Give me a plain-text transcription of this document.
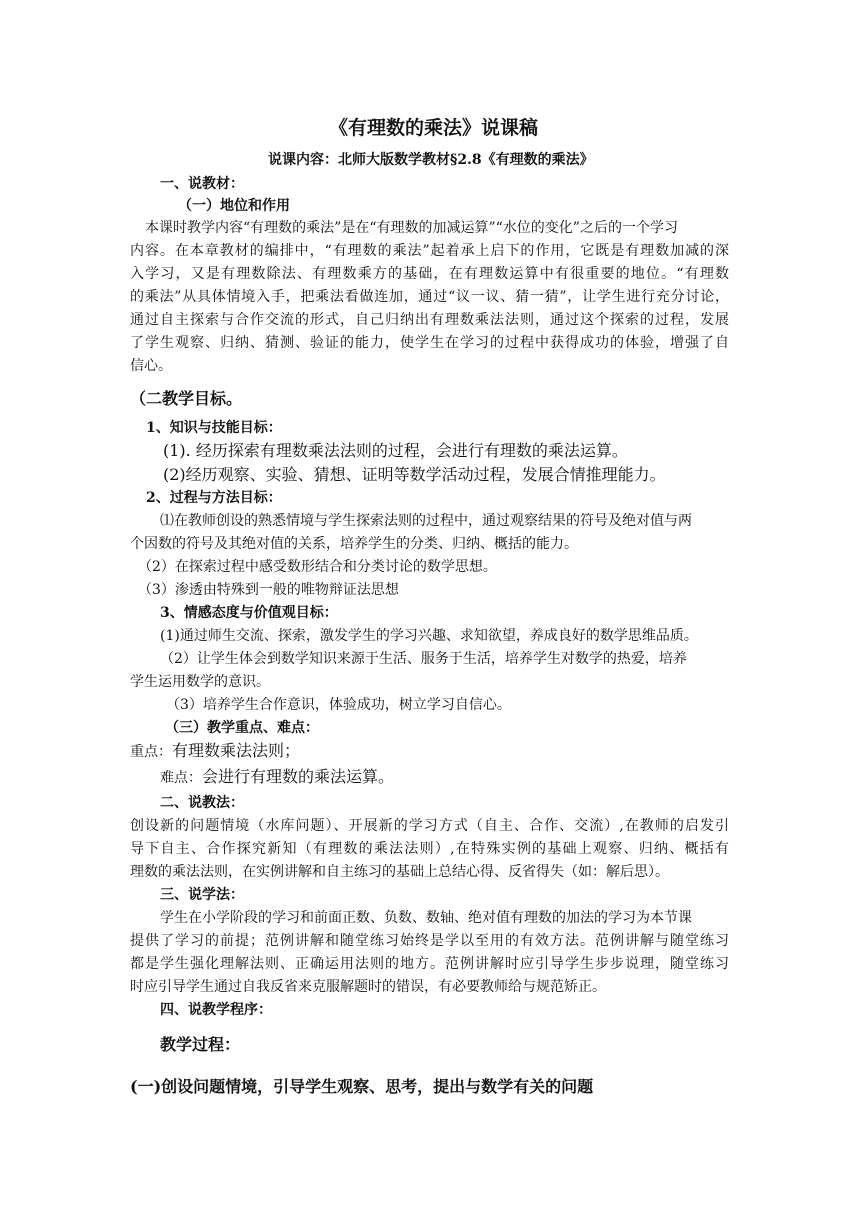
《有理数的乘法》说课稿
说课内容：北师大版数学教材§2.8《有理数的乘法》
一、说教材：
（一）地位和作用
本课时教学内容“有理数的乘法”是在“有理数的加减运算”“水位的变化”之后的一个学习
内容。在本章教材的编排中，“有理数的乘法”起着承上启下的作用，它既是有理数加减的深
入学习，又是有理数除法、有理数乘方的基础，在有理数运算中有很重要的地位。“有理数
的乘法”从具体情境入手，把乘法看做连加，通过“议一议、猜一猜”，让学生进行充分讨论，
通过自主探索与合作交流的形式，自己归纳出有理数乘法法则，通过这个探索的过程，发展
了学生观察、归纳、猜测、验证的能力，使学生在学习的过程中获得成功的体验，增强了自
信心。
（二教学目标。
1、知识与技能目标：
(1). 经历探索有理数乘法法则的过程，会进行有理数的乘法运算。
(2)经历观察、实验、猜想、证明等数学活动过程，发展合情推理能力。
2、过程与方法目标：
⑴在教师创设的熟悉情境与学生探索法则的过程中，通过观察结果的符号及绝对值与两
个因数的符号及其绝对值的关系，培养学生的分类、归纳、概括的能力。
（2）在探索过程中感受数形结合和分类讨论的数学思想。
（3）渗透由特殊到一般的唯物辩证法思想
3、情感态度与价值观目标：
(1)通过师生交流、探索，激发学生的学习兴趣、求知欲望，养成良好的数学思维品质。
（2）让学生体会到数学知识来源于生活、服务于生活，培养学生对数学的热爱，培养
学生运用数学的意识。
（3）培养学生合作意识，体验成功，树立学习自信心。
（三）教学重点、难点：
重点：有理数乘法法则；
难点：会进行有理数的乘法运算。
二、说教法：
创设新的问题情境（水库问题）、开展新的学习方式（自主、合作、交流）,在教师的启发引
导下自主、合作探究新知（有理数的乘法法则）,在特殊实例的基础上观察、归纳、概括有
理数的乘法法则，在实例讲解和自主练习的基础上总结心得、反省得失（如：解后思）。
三、说学法：
学生在小学阶段的学习和前面正数、负数、数轴、绝对值有理数的加法的学习为本节课
提供了学习的前提；范例讲解和随堂练习始终是学以至用的有效方法。范例讲解与随堂练习
都是学生强化理解法则、正确运用法则的地方。范例讲解时应引导学生步步说理，随堂练习
时应引导学生通过自我反省来克服解题时的错误，有必要教师给与规范矫正。
四、说教学程序：
教学过程：
(一)创设问题情境，引导学生观察、思考，提出与数学有关的问题
